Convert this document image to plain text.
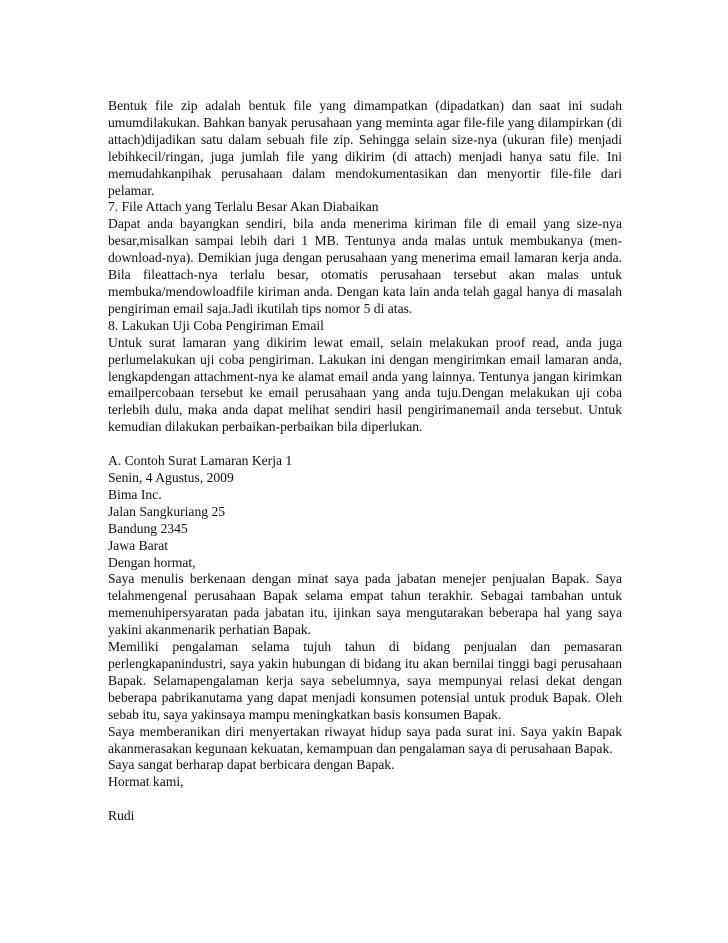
Bentuk file zip adalah bentuk file yang dimampatkan (dipadatkan) dan saat ini sudah umumdilakukan. Bahkan banyak perusahaan yang meminta agar file-file yang dilampirkan (di attach)dijadikan satu dalam sebuah file zip. Sehingga selain size-nya (ukuran file) menjadi lebihkecil/ringan, juga jumlah file yang dikirim (di attach) menjadi hanya satu file. Ini memudahkanpihak perusahaan dalam mendokumentasikan dan menyortir file-file dari pelamar.

7. File Attach yang Terlalu Besar Akan Diabaikan

Dapat anda bayangkan sendiri, bila anda menerima kiriman file di email yang size-nya besar,misalkan sampai lebih dari 1 MB. Tentunya anda malas untuk membukanya (men-download-nya). Demikian juga dengan perusahaan yang menerima email lamaran kerja anda. Bila fileattach-nya terlalu besar, otomatis perusahaan tersebut akan malas untuk membuka/mendowloadfile kiriman anda. Dengan kata lain anda telah gagal hanya di masalah pengiriman email saja.Jadi ikutilah tips nomor 5 di atas.

8. Lakukan Uji Coba Pengiriman Email

Untuk surat lamaran yang dikirim lewat email, selain melakukan proof read, anda juga perlumelakukan uji coba pengiriman. Lakukan ini dengan mengirimkan email lamaran anda, lengkapdengan attachment-nya ke alamat email anda yang lainnya. Tentunya jangan kirimkan emailpercobaan tersebut ke email perusahaan yang anda tuju.Dengan melakukan uji coba terlebih dulu, maka anda dapat melihat sendiri hasil pengirimanemail anda tersebut. Untuk kemudian dilakukan perbaikan-perbaikan bila diperlukan.

A. Contoh Surat Lamaran Kerja 1

Senin, 4 Agustus, 2009

Bima Inc.

Jalan Sangkuriang 25

Bandung 2345

Jawa Barat

Dengan hormat,

Saya menulis berkenaan dengan minat saya pada jabatan menejer penjualan Bapak. Saya telahmengenal perusahaan Bapak selama empat tahun terakhir. Sebagai tambahan untuk memenuhipersyaratan pada jabatan itu, ijinkan saya mengutarakan beberapa hal yang saya yakini akanmenarik perhatian Bapak.

Memiliki pengalaman selama tujuh tahun di bidang penjualan dan pemasaran perlengkapanindustri, saya yakin hubungan di bidang itu akan bernilai tinggi bagi perusahaan Bapak. Selamapengalaman kerja saya sebelumnya, saya mempunyai relasi dekat dengan beberapa pabrikanutama yang dapat menjadi konsumen potensial untuk produk Bapak. Oleh sebab itu, saya yakinsaya mampu meningkatkan basis konsumen Bapak.

Saya memberanikan diri menyertakan riwayat hidup saya pada surat ini. Saya yakin Bapak akanmerasakan kegunaan kekuatan, kemampuan dan pengalaman saya di perusahaan Bapak.

Saya sangat berharap dapat berbicara dengan Bapak.

Hormat kami,

Rudi
